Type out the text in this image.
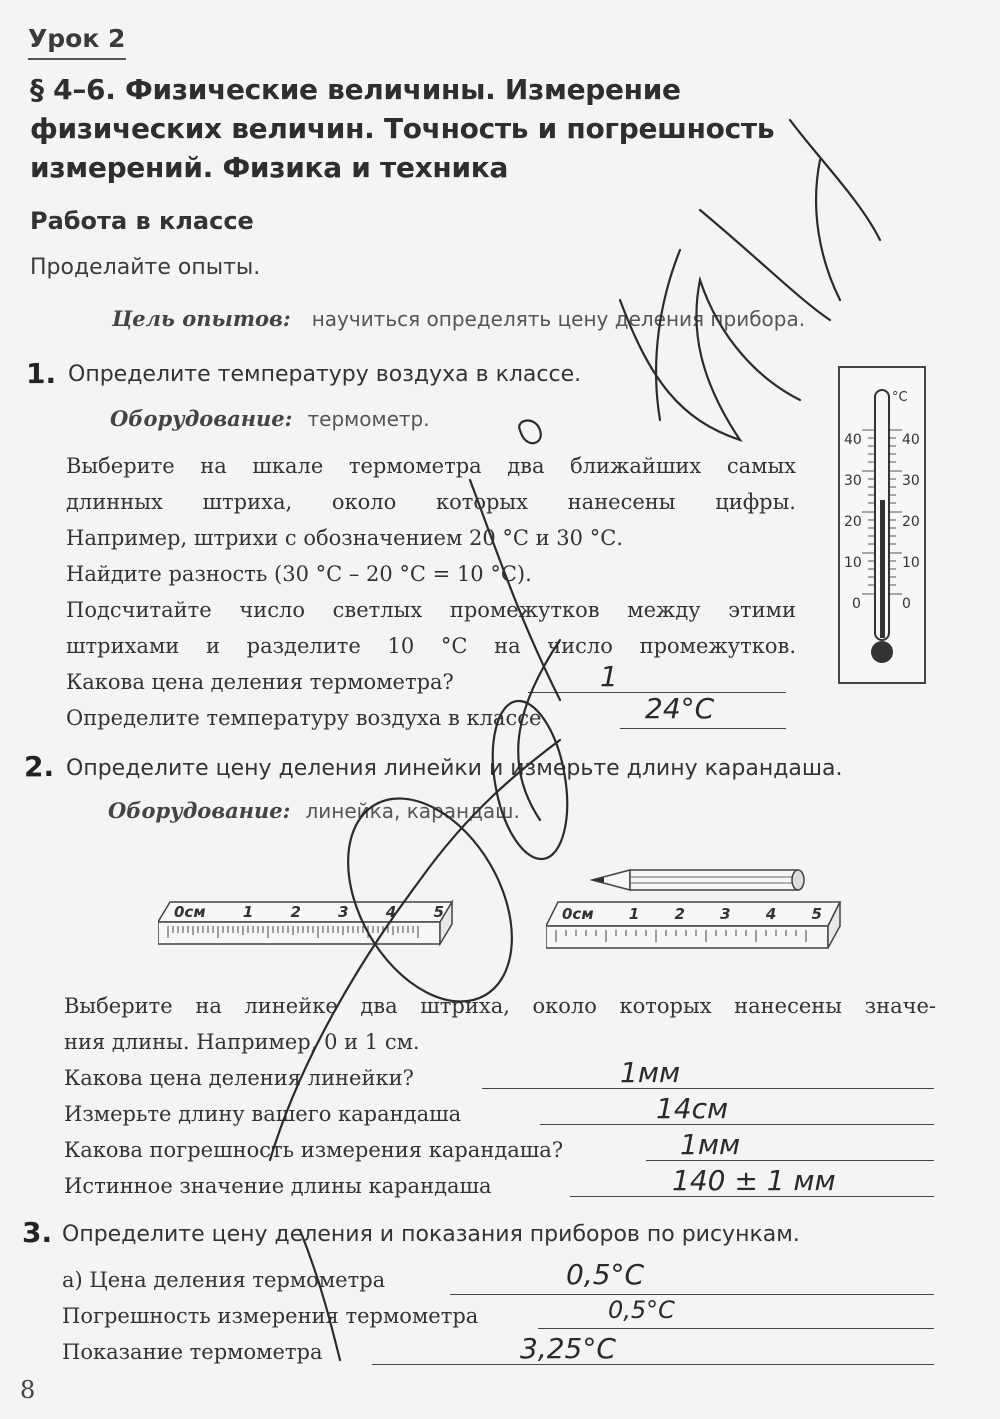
Урок 2
§ 4–6. Физические величины. Измерение физических величин. Точность и погрешность измерений. Физика и техника
Работа в классе
Проделайте опыты.
Цель опытов: научиться определять цену деления прибора.
1. Определите температуру воздуха в классе.
Оборудование: термометр.
Выберите на шкале термометра два ближайших самых
длинных штриха, около которых нанесены цифры.
Например, штрихи с обозначением 20 °С и 30 °С.
Найдите разность (30 °С – 20 °С = 10 °С).
Подсчитайте число светлых промежутков между этими
штрихами и разделите 10 °С на число промежутков.
Какова цена деления термометра?	1
Определите температуру воздуха в классе	24°С
°C
40
30
20
10
0
40
30
20
10
0
2. Определите цену деления линейки и измерьте длину карандаша.
Оборудование: линейка, карандаш.
0см 1 2 3 4 5	0см 1 2 3 4 5
Выберите на линейке два штриха, около которых нанесены значе-
ния длины. Например, 0 и 1 см.
Какова цена деления линейки?	1мм
Измерьте длину вашего карандаша	14см
Какова погрешность измерения карандаша?	1мм
Истинное значение длины карандаша	140 ± 1 мм
3. Определите цену деления и показания приборов по рисункам.
а) Цена деления термометра	0,5°С
Погрешность измерения термометра	0,5°С
Показание термометра	3,25°С
8
